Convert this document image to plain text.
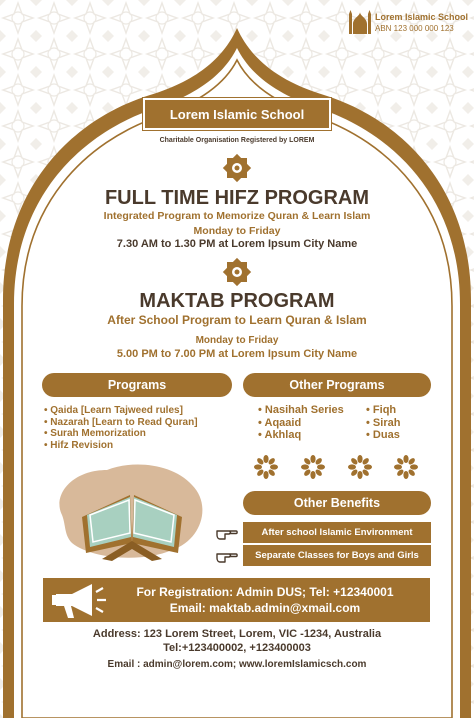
Lorem Islamic School
ABN 123 000 000 123
Lorem Islamic School
Charitable Organisation Registered by LOREM
FULL TIME HIFZ PROGRAM
Integrated Program to Memorize Quran & Learn Islam
Monday to Friday
7.30 AM to 1.30 PM at Lorem Ipsum City Name
MAKTAB PROGRAM
After School Program to Learn Quran & Islam
Monday to Friday
5.00 PM to 7.00 PM at Lorem Ipsum City Name
Programs
• Qaida [Learn Tajweed rules]
• Nazarah [Learn to Read Quran]
• Surah Memorization
• Hifz Revision
Other Programs
• Nasihah Series
• Aqaaid
• Akhlaq
• Fiqh
• Sirah
• Duas
Other Benefits
After school Islamic Environment
Separate Classes for Boys and Girls
For Registration: Admin DUS; Tel: +12340001
Email: maktab.admin@xmail.com
Address: 123 Lorem Street, Lorem, VIC -1234, Australia
Tel:+123400002, +123400003
Email : admin@lorem.com; www.loremIslamicsch.com
